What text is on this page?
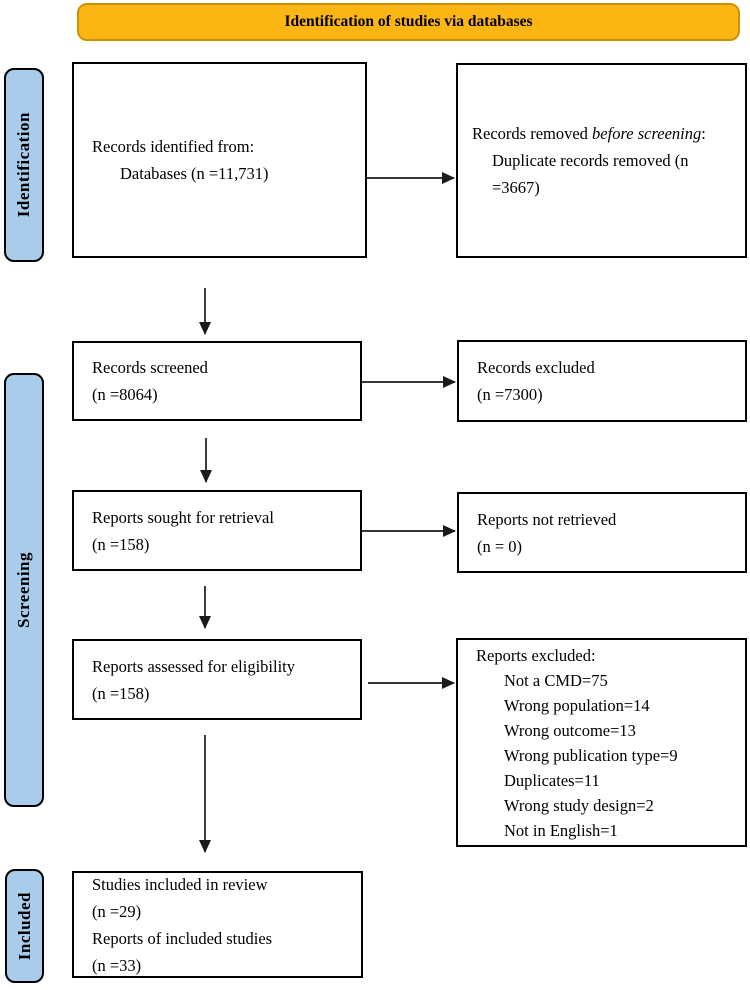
Identification of studies via databases
Identification
Screening
Included
Records identified from:
Databases (n =11,731)
Records removed before screening:
Duplicate records removed (n
=3667)
Records screened
(n =8064)
Records excluded
(n =7300)
Reports sought for retrieval
(n =158)
Reports not retrieved
(n = 0)
Reports assessed for eligibility
(n =158)
Reports excluded:
Not a CMD=75
Wrong population=14
Wrong outcome=13
Wrong publication type=9
Duplicates=11
Wrong study design=2
Not in English=1
Studies included in review
(n =29)
Reports of included studies
(n =33)
